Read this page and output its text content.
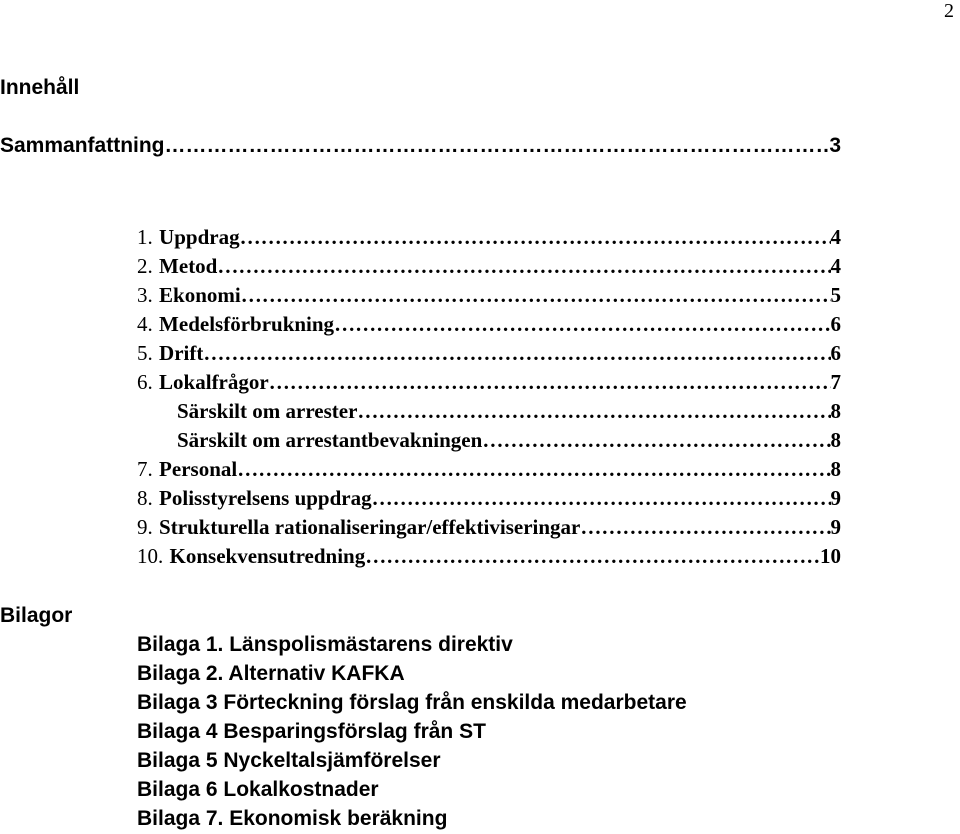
2
Innehåll
Sammanfattning ……………………………………………………………………………………………………………………………………………………………………	3
1. Uppdrag ……………………………………………………………………………………………………………………………………………………………………	4
2. Metod ……………………………………………………………………………………………………………………………………………………………………	4
3. Ekonomi ……………………………………………………………………………………………………………………………………………………………………	5
4. Medelsförbrukning ……………………………………………………………………………………………………………………………………………………………………	6
5. Drift ……………………………………………………………………………………………………………………………………………………………………	6
6. Lokalfrågor ……………………………………………………………………………………………………………………………………………………………………	7
Särskilt om arrester ……………………………………………………………………………………………………………………………………………………………………	8
Särskilt om arrestantbevakningen ……………………………………………………………………………………………………………………………………………………………………	8
7. Personal ……………………………………………………………………………………………………………………………………………………………………	8
8. Polisstyrelsens uppdrag ……………………………………………………………………………………………………………………………………………………………………	9
9. Strukturella rationaliseringar/effektiviseringar ……………………………………………………………………………………………………………………………………………………………………	9
10. Konsekvensutredning ……………………………………………………………………………………………………………………………………………………………………	10
Bilagor
Bilaga 1. Länspolismästarens direktiv
Bilaga 2. Alternativ KAFKA
Bilaga 3 Förteckning förslag från enskilda medarbetare
Bilaga 4 Besparingsförslag från ST
Bilaga 5 Nyckeltalsjämförelser
Bilaga 6 Lokalkostnader
Bilaga 7. Ekonomisk beräkning
